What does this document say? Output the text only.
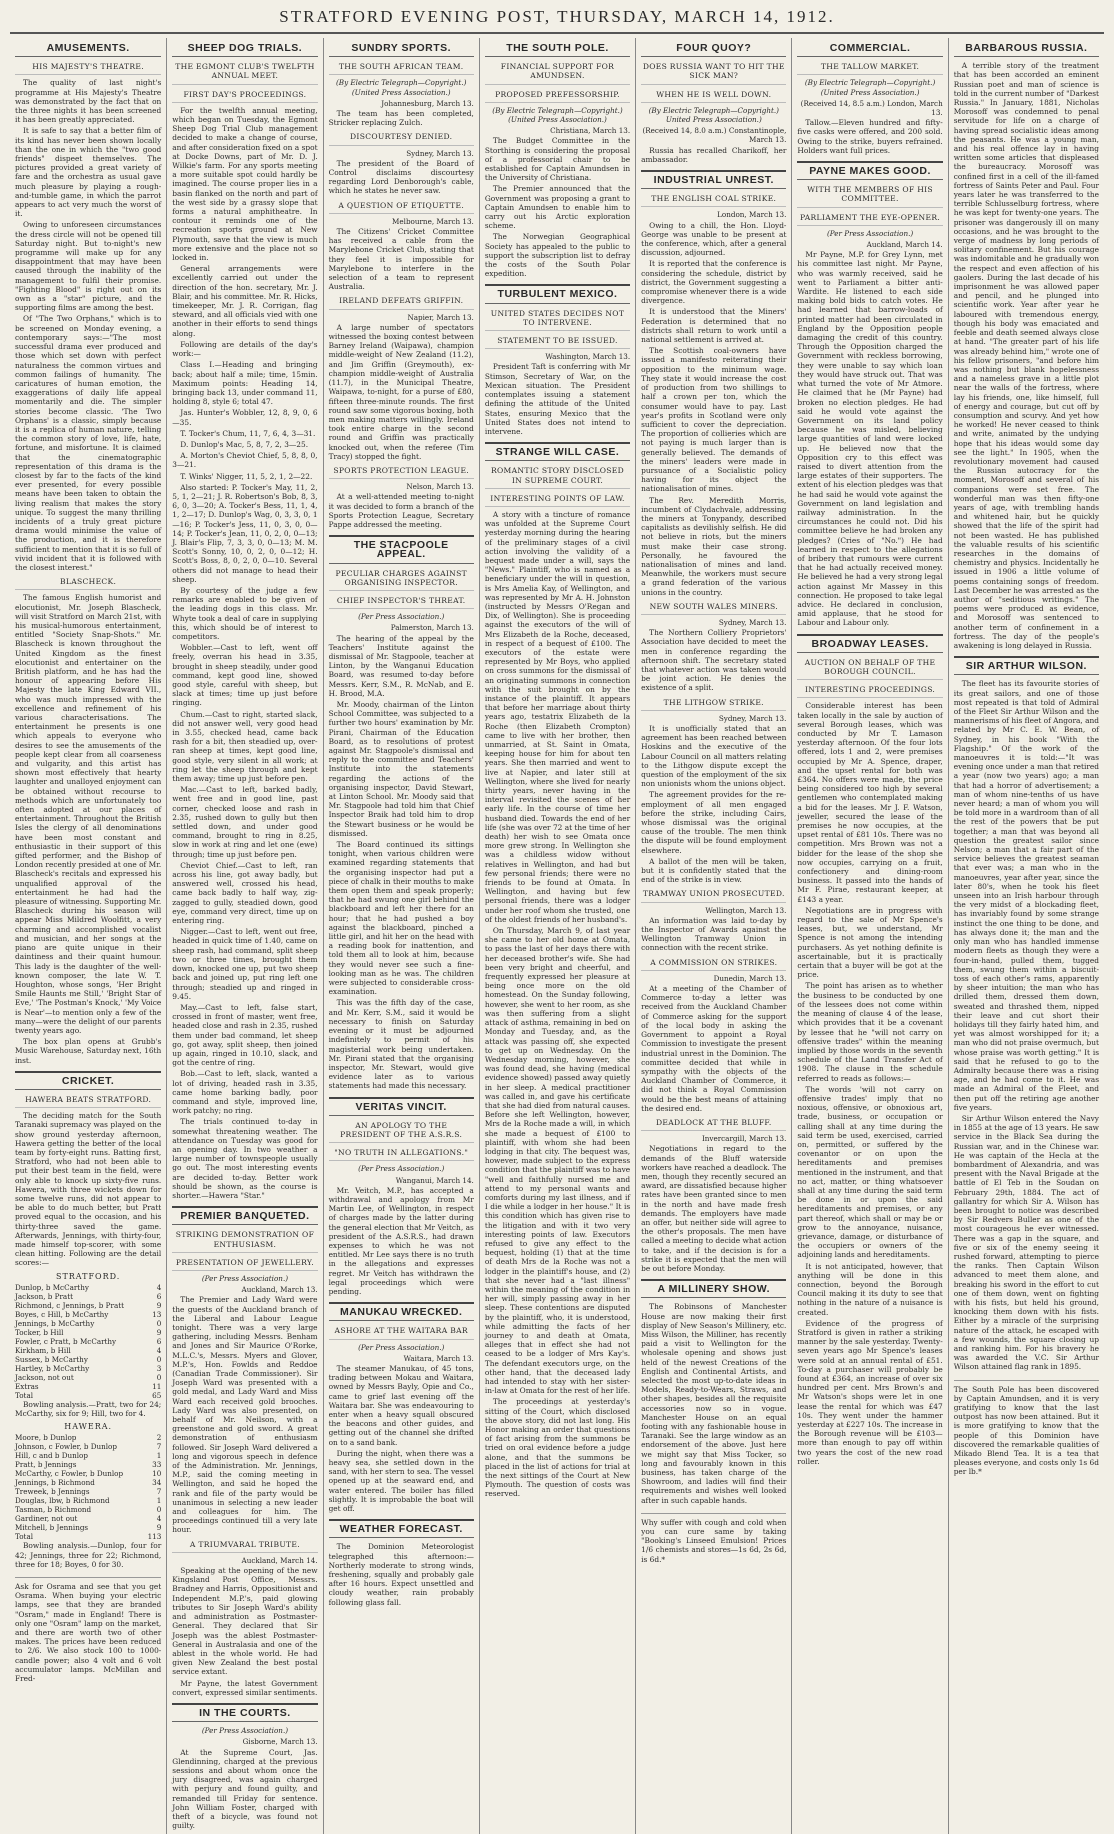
STRATFORD EVENING POST, THURSDAY, MARCH 14, 1912.
AMUSEMENTS.
HIS MAJESTY'S THEATRE.

The quality of last night's programme at His Majesty's Theatre was demonstrated by the fact that on the three nights it has been screened it has been greatly appreciated.

It is safe to say that a better film of its kind has never been shown locally than the one in which the "two good friends" dispeet themselves. The pictures provided a great variety of fare and the orchestra as usual gave much pleasure by playing a rough-and-tumble game, in which the parrot appears to act very much the worst of it.

Owing to unforeseen circumstances the dress circle will not be opened till Saturday night. But to-night's new programme will make up for any disappointment that may have been caused through the inability of the management to fulfil their promise. "Fighting Blood" is right out on its own as a "star" picture, and the supporting films are among the best.

Of "The Two Orphans," which is to be screened on Monday evening, a contemporary says:—"The most successful drama ever produced and those which set down with perfect naturalness the common virtues and common failings of humanity. The caricatures of human emotion, the exaggerations of daily life appeal momentarily and die. The simpler stories become classic. 'The Two Orphans' is a classic, simply because it is a replica of human nature, telling the common story of love, life, hate, fortune, and misfortune. It is claimed that the cinematographic representation of this drama is the closest by far to the facts of the kind ever presented, for every possible means have been taken to obtain the living realism that makes the story unique. To suggest the many thrilling incidents of a truly great picture drama would minimise the value of the production, and it is therefore sufficient to mention that it is so full of vivid incident that it is followed with the closest interest."

BLASCHECK.

The famous English humorist and elocutionist, Mr. Joseph Blascheck, will visit Stratford on March 21st, with his musical-humorous entertainment, entitled "Society Snap-Shots." Mr. Blascheck is known throughout the United Kingdom as the finest elocutionist and entertainer on the British platform, and he has had the honour of appearing before His Majesty the late King Edward VII., who was much impressed with the excellence and refinement of his various characterisations. The entertainment he presents is one which appeals to everyone who desires to see the amusements of the people kept clear from all coarseness and vulgarity, and this artist has shown most effectively that hearty laughter and unalloyed enjoyment can be obtained without recourse to methods which are unfortunately too often adopted at our places of entertainment. Throughout the British Isles the clergy of all denominations have been most constant and enthusiastic in their support of this gifted performer, and the Bishop of London recently presided at one of Mr. Blascheck's recitals and expressed his unqualified approval of the entertainment he had had the pleasure of witnessing. Supporting Mr. Blascheck during his season will appear Miss Mildred Woolfitt, a very charming and accomplished vocalist and musician, and her songs at the piano are quite unique in their daintiness and their quaint humour. This lady is the daughter of the well-known composer, the late W. T. Houghton, whose songs, 'Her Bright Smile Haunts me Still,' 'Bright Star of Eve,' 'The Postman's Knock,' 'My Voice is Near'—to mention only a few of the many—were the delight of our parents twenty years ago.

The box plan opens at Grubb's Music Warehouse, Saturday next, 16th inst.

CRICKET.
HAWERA BEATS STRATFORD.

The deciding match for the South Taranaki supremacy was played on the show ground yesterday afternoon, Hawera getting the better of the local team by forty-eight runs. Batting first, Stratford, who had not been able to put their best team in the field, were only able to knock up sixty-five runs. Hawera, with three wickets down for some twelve runs, did not appear to be able to do much better, but Pratt proved equal to the occasion, and his thirty-three saved the game. Afterwards, Jennings, with thirty-four, made himself top-scorer, with some clean hitting. Following are the detail scores:—

STRATFORD.
Dunlop, b McCarthy	4
Jackson, b Pratt	6
Richmond, c Jennings, b Pratt	9
Boyes, c Hill, b McCarthy	13
Jennings, b McCarthy	0
Tocker, b Hill	9
Fowler, c Pratt, b McCarthy	6
Kirkham, b Hill	4
Sussex, b McCarthy	0
Hartley, b McCarthy	3
Jackson, not out	0
Extras	11
Total	65

Bowling analysis.—Pratt, two for 24; McCarthy, six for 9; Hill, two for 4.

HAWERA.
Moore, b Dunlop	2
Johnson, c Fowler, b Dunlop	7
Hill, c and b Dunlop	1
Pratt, b Jennings	33
McCarthy, c Fowler, b Dunlop	10
Jennings, b Richmond	34
Treweek, b Jennings	7
Douglas, lbw, b Richmond	1
Tasman, b Richmond	0
Gardiner, not out	4
Mitchell, b Jennings	9
Total	113

Bowling analysis.—Dunlop, four for 42; Jennings, three for 22; Richmond, three for 18; Boyes, 0 for 30.

Ask for Osrama and see that you get Osrama. When buying your electric lamps, see that they are branded "Osram," made in England! There is only one "Osram" lamp on the market, and there are worth two of other makes. The prices have been reduced to 2/6. We also stock 100 to 1000-candle power; also 4 volt and 6 volt accumulator lamps. McMillan and Fred-
SHEEP DOG TRIALS.
THE EGMONT CLUB'S TWELFTH ANNUAL MEET.
FIRST DAY'S PROCEEDINGS.

For the twelfth annual meeting, which began on Tuesday, the Egmont Sheep Dog Trial Club management decided to make a change of course, and after consideration fixed on a spot at Docke Downs, part of Mr. D. J. Wilkie's farm. For any sports meeting a more suitable spot could hardly be imagined. The course proper lies in a basin flanked on the north and part of the west side by a grassy slope that forms a natural amphitheatre. In contour it reminds one of the recreation sports ground at New Plymouth, save that the view is much more extensive and the place not so locked in.

General arrangements were excellently carried out under the direction of the hon. secretary, Mr. J. Blair, and his committee. Mr. R. Hicks, timekeeper, Mr. J. R. Corrigan, flag steward, and all officials vied with one another in their efforts to send things along.

Following are details of the day's work:—

Class I.—Heading and bringing back; about half a mile; time, 15min. Maximum points: Heading 14, bringing back 13, under command 11, holding 8, style 6; total 47.

Jas. Hunter's Wobbler, 12, 8, 9, 0, 6—35.

T. Tocker's Chum, 11, 7, 6, 4, 3—31.

D. Dunlop's Mac, 5, 8, 7, 2, 3—25.

A. Morton's Cheviot Chief, 5, 8, 8, 0, 3—21.

T. Winks' Nigger, 11, 5, 2, 1, 2—22.

Also started: P. Tocker's May, 11, 2, 5, 1, 2—21; J. R. Robertson's Bob, 8, 3, 6, 0, 3—20; A. Tocker's Bess, 11, 1, 4, 1, 2—17; D. Dunlop's Wag, 0, 3, 3, 0, 1—16; P. Tocker's Jess, 11, 0, 3, 0, 0—14; P. Tocker's Jean, 11, 0, 2, 0, 0—13; J. Blair's Flip, 7, 3, 3, 0, 0—13; M. M. Scott's Sonny, 10, 0, 2, 0, 0—12; H. Scott's Boss, 8, 0, 2, 0, 0—10. Several others did not manage to head their sheep.

By courtesy of the judge a few remarks are enabled to be given of the leading dogs in this class. Mr. Whyte took a deal of care in supplying this, which should be of interest to competitors.

Wobbler.—Cast to left, went off freely, overran his head in 3.35, brought in sheep steadily, under good command, kept good line, showed good style, careful with sheep, but slack at times; time up just before ringing.

Chum.—Cast to right, started slack, did not answer well, very good head in 3.55, checked head, came back rash for a bit, then steadied up, over-ran sheep at times, kept good line, good style, very silent in all work; at ring let the sheep through and kept them away; time up just before pen.

Mac.—Cast to left, barked badly, went free and in good line, past corner, checked loose and rash in 2.35, rushed down to gully but then settled down, and under good command, brought to ring in 8.25, slow in work at ring and let one (ewe) through; time up just before pen.

Cheviot Chief.—Cast to left, ran across his line, got away badly, but answered well, crossed his head, came back badly to half way, zig-zagged to gully, steadied down, good eye, command very direct, time up on entering ring.

Nigger.—Cast to left, went out free, headed in quick time of 1.40, came on sheep rash, had command, split sheep two or three times, brought them down, knocked one up, put two sheep back and joined up, put ring left one through; steadied up and ringed in 9.45.

May.—Cast to left, false start, crossed in front of master, went free, headed close and rash in 2.35, rushed them under bad command, let sheep go, got away, split sheep, then joined up again, ringed in 10.10, slack, and got the centre of ring.

Bob.—Cast to left, slack, wanted a lot of driving, headed rash in 3.35, came home barking badly, poor command and style, improved line, work patchy; no ring.

The trials continued to-day in somewhat threatening weather. The attendance on Tuesday was good for an opening day. In two weather a large number of townspeople usually go out. The most interesting events are decided to-day. Better work should be shown, as the course is shorter.—Hawera "Star."

PREMIER BANQUETED.
STRIKING DEMONSTRATION OF ENTHUSIASM.
PRESENTATION OF JEWELLERY.
(Per Press Association.)
Auckland, March 13.

The Premier and Lady Ward were the guests of the Auckland branch of the Liberal and Labour League tonight. There was a very large gathering, including Messrs. Benham and Jones and Sir Maurice O'Rorke, M.L.C.'s, Messrs. Myers and Glover, M.P.'s, Hon. Fowlds and Reddoe (Canadian Trade Commissioner). Sir Joseph Ward was presented with a gold medal, and Lady Ward and Miss Ward each received gold brooches. Lady Ward was also presented, on behalf of Mr. Neilson, with a greenstone and gold sword. A great demonstration of enthusiasm followed. Sir Joseph Ward delivered a long and vigorous speech in defence of the Administration. Mr. Jennings, M.P., said the coming meeting in Wellington, and said he hoped the rank and file of the party would be unanimous in selecting a new leader and colleagues for him. The proceedings continued till a very late hour.

A TRIUMVARAL TRIBUTE.
Auckland, March 14.

Speaking at the opening of the new Kingsland Post Office, Messrs. Bradney and Harris, Oppositionist and Independent M.P.'s, paid glowing tributes to Sir Joseph Ward's ability and administration as Postmaster-General. They declared that Sir Joseph was the ablest Postmaster-General in Australasia and one of the ablest in the whole world. He had given New Zealand the best postal service extant.

Mr Payne, the latest Government convert, expressed similar sentiments.

IN THE COURTS.
(Per Press Association.)
Gisborne, March 13.

At the Supreme Court, Jas. Glendinning, charged at the previous sessions and about whom once the jury disagreed, was again charged with perjury and found guilty, and remanded till Friday for sentence. John William Foster, charged with theft of a bicycle, was found not guilty.

SUNDRY SPORTS.
THE SOUTH AFRICAN TEAM.
(By Electric Telegraph—Copyright.) (United Press Association.)
Johannesburg, March 13.

The team has been completed, Stricker replacing Zulch.

DISCOURTESY DENIED.
Sydney, March 13.

The president of the Board of Control disclaims discourtesy regarding Lord Denborough's cable, which he states he never saw.

A QUESTION OF ETIQUETTE.
Melbourne, March 13.

The Citizens' Cricket Committee has received a cable from the Marylebone Cricket Club, stating that they feel it is impossible for Marylebone to interfere in the selection of a team to represent Australia.

IRELAND DEFEATS GRIFFIN.
Napier, March 13.

A large number of spectators witnessed the boxing contest between Barney Ireland (Waipawa), champion middle-weight of New Zealand (11.2), and Jim Griffin (Greymouth), ex-champion middle-weight of Australia (11.7), in the Municipal Theatre, Waipawa, to-night, for a purse of £80, fifteen three-minute rounds. The first round saw some vigorous boxing, both men making matters willingly. Ireland took entire charge in the second round and Griffin was practically knocked out, when the referee (Tim Tracy) stopped the fight.

SPORTS PROTECTION LEAGUE.
Nelson, March 13.

At a well-attended meeting to-night it was decided to form a branch of the Sports Protection League, Secretary Pappe addressed the meeting.

THE STACPOOLE APPEAL.
PECULIAR CHARGES AGAINST ORGANISING INSPECTOR.
CHIEF INSPECTOR'S THREAT.
(Per Press Association.)
Palmerston, March 13.

The hearing of the appeal by the Teachers' Institute against the dismissal of Mr. Stagpoole, teacher at Linton, by the Wanganui Education Board, was resumed to-day before Messrs. Kerr, S.M., R. McNab, and E. H. Brood, M.A.

Mr. Moody, chairman of the Linton School Committee, was subjected to a further two hours' examination by Mr. Pirani, Chairman of the Education Board, as to resolutions of protest against Mr. Stagpoole's dismissal and reply to the committee and Teachers' Institute into the statements regarding the actions of the organising inspector, David Stewart, at Linton School. Mr. Moody said that Mr. Stagpoole had told him that Chief Inspector Braik had told him to drop the Stewart business or he would be dismissed.

The Board continued its sittings tonight, when various children were examined regarding statements that the organising inspector had put a piece of chalk in their mouths to make them open them and speak properly; that he had swung one girl behind the blackboard and left her there for an hour; that he had pushed a boy against the blackboard, pinched a little girl, and hit her on the head with a reading book for inattention, and told them all to look at him, because they would never see such a fine-looking man as he was. The children were subjected to considerable cross-examination.

This was the fifth day of the case, and Mr. Kerr, S.M., said it would be necessary to finish on Saturday evening or it must be adjourned indefinitely to permit of his magisterial work being undertaken. Mr. Pirani stated that the organising inspector, Mr. Stewart, would give evidence later as to various statements had made this necessary.

VERITAS VINCIT.
AN APOLOGY TO THE PRESIDENT OF THE A.S.R.S.
"NO TRUTH IN ALLEGATIONS."
(Per Press Association.)
Wanganui, March 14.

Mr. Veitch, M.P., has accepted a withdrawal and apology from Mr Martin Lee, of Wellington, in respect of charges made by the latter during the general election that Mr Veitch, as president of the A.S.R.S., had drawn expenses to which he was not entitled. Mr Lee says there is no truth in the allegations and expresses regret. Mr Veitch has withdrawn the legal proceedings which were pending.

MANUKAU WRECKED.
ASHORE AT THE WAITARA BAR
(Per Press Association.)
Waitara, March 13.

The steamer Manukau, of 45 tons, trading between Mokau and Waitara, owned by Messrs Bayly, Opie and Co., came to grief last evening off the Waitara bar. She was endeavouring to enter when a heavy squall obscured the beacons and other guides, and getting out of the channel she drifted on to a sand bank.

During the night, when there was a heavy sea, she settled down in the sand, with her stern to sea. The vessel opened up at the seaward end, and water entered. The boiler has filled slightly. It is improbable the boat will get off.

WEATHER FORECAST.

The Dominion Meteorologist telegraphed this afternoon:— Northerly moderate to strong winds, freshening, squally and probably gale after 16 hours. Expect unsettled and cloudy weather, rain probably following glass fall.

THE SOUTH POLE.
FINANCIAL SUPPORT FOR AMUNDSEN.
PROPOSED PREFESSORSHIP.
(By Electric Telegraph—Copyright.) (United Press Association.)
Christiana, March 13.

The Budget Committee in the Storthing is considering the proposal of a professorial chair to be established for Captain Amundsen in the University of Christiana.

The Premier announced that the Government was proposing a grant to Captain Amundsen to enable him to carry out his Arctic exploration scheme.

The Norwegian Geographical Society has appealed to the public to support the subscription list to defray the costs of the South Polar expedition.

TURBULENT MEXICO.
UNITED STATES DECIDES NOT TO INTERVENE.
STATEMENT TO BE ISSUED.
Washington, March 13.

President Taft is conferring with Mr Stimson, Secretary of War, on the Mexican situation. The President contemplates issuing a statement defining the attitude of the United States, ensuring Mexico that the United States does not intend to intervene.

STRANGE WILL CASE.
ROMANTIC STORY DISCLOSED IN SUPREME COURT.
INTERESTING POINTS OF LAW.

A story with a tincture of romance was unfolded at the Supreme Court yesterday morning during the hearing of the preliminary stages of a civil action involving the validity of a bequest made under a will, says the "News." Plaintiff, who is named as a beneficiary under the will in question, is Mrs Amelia Kay, of Wellington, and was represented by Mr A. H. Johnston (instructed by Messrs O'Regan and Dix, of Wellington). She is proceeding against the executors of the will of Mrs Elizabeth de la Roche, deceased, in respect of a bequest of £100. The executors of the estate were represented by Mr Boys, who applied on cross summons for the dismissal of an originating summons in connection with the suit brought on by the instance of the plaintiff. It appears that before her marriage about thirty years ago, testatrix Elizabeth de la Roche (then Elizabeth Crompton) came to live with her brother, then unmarried, at St. Saint in Omata, keeping house for him for about ten years. She then married and went to live at Napier, and later still at Wellington, where she lived for nearly thirty years, never having in the interval revisited the scenes of her early life. In the course of time her husband died. Towards the end of her life (she was over 72 at the time of her death) her wish to see Omata once more grew strong. In Wellington she was a childless widow without relatives in Wellington, and had but few personal friends; there were no friends to be found at Omata. In Wellington, and having but few personal friends, there was a lodger under her roof whom she trusted, one of the oldest friends of her husband's.

On Thursday, March 9, of last year she came to her old home at Omata, to pass the last of her days there with her deceased brother's wife. She had been very bright and cheerful, and frequently expressed her pleasure at being once more on the old homestead. On the Sunday following, however, she went to her room, as she was then suffering from a slight attack of asthma, remaining in bed on Monday and Tuesday, and, as the attack was passing off, she expected to get up on Wednesday. On the Wednesday morning, however, she was found dead, she having (medical evidence showed) passed away quietly in her sleep. A medical practitioner was called in, and gave his certificate that she had died from natural causes. Before she left Wellington, however, Mrs de la Roche made a will, in which she made a bequest of £100 to plaintiff, with whom she had been lodging in that city. The bequest was, however, made subject to the express condition that the plaintiff was to have "well and faithfully nursed me and attend to my personal wants and comforts during my last illness, and if I die while a lodger in her house." It is this condition which has given rise to the litigation and with it two very interesting points of law. Executors refused to give any effect to the bequest, holding (1) that at the time of death Mrs de la Roche was not a lodger in the plaintiff's house, and (2) that she never had a "last illness" within the meaning of the condition in her will, simply passing away in her sleep. These contentions are disputed by the plaintiff, who, it is understood, while admitting the facts of her journey to and death at Omata, alleges that in effect she had not ceased to be a lodger of Mrs Kay's. The defendant executors urge, on the other hand, that the deceased lady had intended to stay with her sister-in-law at Omata for the rest of her life.

The proceedings at yesterday's sitting of the Court, which disclosed the above story, did not last long. His Honor making an order that questions of fact arising from the summons be tried on oral evidence before a judge alone, and that the summons be placed in the list of actions for trial at the next sittings of the Court at New Plymouth. The question of costs was reserved.

FOUR QUOY?
DOES RUSSIA WANT TO HIT THE SICK MAN?
WHEN HE IS WELL DOWN.
(By Electric Telegraph—Copyright.) United Press Association.)
(Received 14, 8.0 a.m.) Constantinople, March 13.

Russia has recalled Charikoff, her ambassador.

INDUSTRIAL UNREST.
THE ENGLISH COAL STRIKE.
London, March 13.

Owing to a chill, the Hon. Lloyd-George was unable to be present at the conference, which, after a general discussion, adjourned.

It is reported that the conference is considering the schedule, district by district, the Government suggesting a compromise whenever there is a wide divergence.

It is understood that the Miners' Federation is determined that no districts shall return to work until a national settlement is arrived at.

The Scottish coal-owners have issued a manifesto reiterating their opposition to the minimum wage. They state it would increase the cost of production from two shillings to half a crown per ton, which the consumer would have to pay. Last year's profits in Scotland were only sufficient to cover the depreciation. The proportion of collieries which are not paying is much larger than is generally believed. The demands of the miners' leaders were made in pursuance of a Socialistic policy having for its object the nationalisation of mines.

The Rev. Meredith Morris, incumbent of Clydachvale, addressing the miners at Tonypandy, described capitalists as devilishly selfish. He did not believe in riots, but the miners must make their case strong. Personally, he favoured the nationalisation of mines and land. Meanwhile, the workers must secure a grand federation of the various unions in the country.

NEW SOUTH WALES MINERS.
Sydney, March 13.

The Northern Colliery Proprietors' Association have decided to meet the men in conference regarding the afternoon shift. The secretary stated that whatever action was taken would be joint action. He denies the existence of a split.

THE LITHGOW STRIKE.
Sydney, March 13.

It is unofficially stated that an agreement has been reached between Hoskins and the executive of the Labour Council on all matters relating to the Lithgow dispute except the question of the employment of the six non unionists whom the unions object.

The agreement provides for the re-employment of all men engaged before the strike, including Cairs, whose dismissal was the original cause of the trouble. The men think the dispute will be found employment elsewhere.

A ballot of the men will be taken, but it is confidently stated that the end of the strike is in view.

TRAMWAY UNION PROSECUTED.
Wellington, March 13.

An information was laid to-day by the Inspector of Awards against the Wellington Tramway Union in connection with the recent strike.

A COMMISSION ON STRIKES.
Dunedin, March 13.

At a meeting of the Chamber of Commerce to-day a letter was received from the Auckland Chamber of Commerce asking for the support of the local body in asking the Government to appoint a Royal Commission to investigate the present industrial unrest in the Dominion. The committee decided that while in sympathy with the objects of the Auckland Chamber of Commerce, it did not think a Royal Commission would be the best means of attaining the desired end.

DEADLOCK AT THE BLUFF.
Invercargill, March 13.

Negotiations in regard to the demands of the Bluff waterside workers have reached a deadlock. The men, though they recently secured an award, are dissatisfied because higher rates have been granted since to men in the north and have made fresh demands. The employers have made an offer, but neither side will agree to the other's proposals. The men have called a meeting to decide what action to take, and if the decision is for a strike it is expected that the men will be out before Monday.

A MILLINERY SHOW.

The Robinsons of Manchester House are now making their first display of New Season's Millinery, etc. Miss Wilson, the Milliner, has recently paid a visit to Wellington for the wholesale opening and shows just held of the newest Creations of the English and Continental Artists, and selected the most up-to-date ideas in Models, Ready-to-Wears, Straws, and other shapes, besides all the requisite accessories now so in vogue. Manchester House on an equal footing with any fashionable house in Taranaki. See the large window as an endorsement of the above. Just here we might say that Miss Tocker, so long and favourably known in this business, has taken charge of the Showroom, and ladies will find their requirements and wishes well looked after in such capable hands.

Why suffer with cough and cold when you can cure same by taking "Booking's Linseed Emulsion! Prices 1/6 chemists and stores—1s 6d, 2s 6d, is 6d.*
COMMERCIAL.
THE TALLOW MARKET.
(By Electric Telegraph—Copyright.) (United Press Association.)
(Received 14, 8.5 a.m.) London, March 13.

Tallow.—Eleven hundred and fifty-five casks were offered, and 200 sold. Owing to the strike, buyers refrained. Holders want full prices.

PAYNE MAKES GOOD.
WITH THE MEMBERS OF HIS COMMITTEE.
PARLIAMENT THE EYE-OPENER.
(Per Press Association.)
Auckland, March 14.

Mr Payne, M.P. for Grey Lynn, met his committee last night. Mr Payne, who was warmly received, said he went to Parliament a bitter anti-Wardite. He listened to each side making bold bids to catch votes. He had learned that barrow-loads of printed matter had been circulated in England by the Opposition people damaging the credit of this country. Through the Opposition charged the Government with reckless borrowing, they were unable to say which loan they would have struck out. That was what turned the vote of Mr Atmore. He claimed that he (Mr Payne) had broken no election pledges. He had said he would vote against the Government on its land policy because he was misled, believing large quantities of land were locked up. He believed now that the Opposition cry to this effect was raised to divert attention from the large estates of their supporters. The extent of his election pledges was that he had said he would vote against the Government on land legislation and railway administration. In the circumstances he could not. Did his committee believe he had broken any pledges? (Cries of "No.") He had learned in respect to the allegations of bribery that rumours were current that he had actually received money. He believed he had a very strong legal action against Mr Massey in this connection. He proposed to take legal advice. He declared in conclusion, amid applause, that he stood for Labour and Labour only.

BROADWAY LEASES.
AUCTION ON BEHALF OF THE BOROUGH COUNCIL.
INTERESTING PROCEEDINGS.

Considerable interest has been taken locally in the sale by auction of several Borough leases, which was conducted by Mr T. Lamason yesterday afternoon. Of the four lots offered, lots 1 and 2, were premises occupied by Mr A. Spence, draper, and the upset rental for both was £364. No offers were made, the price being considered too high by several gentlemen who contemplated making a bid for the leases. Mr J. F. Watson, jeweller, secured the lease of the premises he now occupies, at the upset rental of £81 10s. There was no competition. Mrs Brown was not a bidder for the lease of the shop she now occupies, carrying on a fruit, confectionery and dining-room business. It passed into the hands of Mr F. Pirae, restaurant keeper, at £143 a year.

Negotiations are in progress with regard to the sale of Mr Spence's leases, but, we understand, Mr Spence is not among the intending purchasers. As yet nothing definite is ascertainable, but it is practically certain that a buyer will be got at the price.

The point has arisen as to whether the business to be conducted by one of the lessees does not come within the meaning of clause 4 of the lease, which provides that it be a covenant by lessee that he "will not carry on offensive trades" within the meaning implied by those words in the seventh schedule of the Land Transfer Act of 1908. The clause in the schedule referred to reads as follows:—

The words 'will not carry on offensive trades' imply that no noxious, offensive, or obnoxious art, trade, business, or occupation or calling shall at any time during the said term be used, exercised, carried on, permitted, or suffered by the covenantor or on upon the hereditaments and premises mentioned in the instrument, and that no act, matter, or thing whatsoever shall at any time during the said term be done in or upon the said hereditaments and premises, or any part thereof, which shall or may be or grow to the annoyance, nuisance, grievance, damage, or disturbance of the occupiers or owners of the adjoining lands and hereditaments.

It is not anticipated, however, that anything will be done in this connection, beyond the Borough Council making it its duty to see that nothing in the nature of a nuisance is created.

Evidence of the progress of Stratford is given in rather a striking manner by the sale yesterday. Twenty-seven years ago Mr Spence's leases were sold at an annual rental of £51. To-day a purchaser will probably be found at £364, an increase of over six hundred per cent. Mrs Brown's and Mr Watson's shops were let in one lease the rental for which was £47 10s. They went under the hammer yesterday at £227 10s. The increase in the Borough revenue will be £103—more than enough to pay off within two years the cost of the new road roller.

BARBAROUS RUSSIA.

A terrible story of the treatment that has been accorded an eminent Russian poet and man of science is told in the current number of "Darkest Russia." In January, 1881, Nicholas Morosoff was condemned to penal servitude for life on a charge of having spread socialistic ideas among the peasants. He was a young man, and his real offence lay in having written some articles that displeased the bureaucracy. Morosoff was confined first in a cell of the ill-famed fortress of Saints Peter and Paul. Four years later he was transferred to the terrible Schlusselburg fortress, where he was kept for twenty-one years. The prisoner was dangerously ill on many occasions, and he was brought to the verge of madness by long periods of solitary confinement. But his courage was indomitable and he gradually won the respect and even affection of his gaolers. During the last decade of his imprisonment he was allowed paper and pencil, and he plunged into scientific work. Year after year he laboured with tremendous energy, though his body was emaciated and feeble and death seemed always close at hand. "The greater part of his life was already behind him," wrote one of his fellow prisoners, "and before him was nothing but blank hopelessness and a nameless grave in a little plot near the walls of the fortress, where lay his friends, one, like himself, full of energy and courage, but cut off by consumption and scurvy. And yet how he worked! He never ceased to think and write, animated by the undying hope that his ideas would some day see the light." In 1905, when the revolutionary movement had caused the Russian autocracy for the moment, Morosoff and several of his companions were set free. The wonderful man was then fifty-one years of age, with trembling hands and whitened hair, but he quickly showed that the life of the spirit had not been wasted. He has published the valuable results of his scientific researches in the domains of chemistry and physics. Incidentally he issued in 1906 a little volume of poems containing songs of freedom. Last December he was arrested as the author of "seditious writings." The poems were produced as evidence, and Morosoff was sentenced to another term of confinement in a fortress. The day of the people's awakening is long delayed in Russia.

SIR ARTHUR WILSON.

The fleet has its favourite stories of its great sailors, and one of those most repeated is that told of Admiral of the Fleet Sir Arthur Wilson and the mannerisms of his fleet of Angora, and related by Mr C. E. W. Bean, of Sydney, in his book "With the Flagship." Of the work of the manoeuvres it is told:—"It was evening once under a man that retired a year (now two years) ago; a man that had a horror of advertisement; a man of whom nine-tenths of us have never heard; a man of whom you will be told more in a wardroom than of all the rest of the powers that be put together; a man that was beyond all question the greatest sailor since Nelson; a man that a fair part of the service believes the greatest seaman that ever was; a man who in the manoeuvres, year after year, since the later 80's, when he took his fleet unseen into an Irish harbour through the very midst of a blockading fleet, has invariably found by some strange instinct the one thing to be done, and has always done it; the man and the only man who has handled immense modern fleets as though they were a four-in-hand, pulled them, tugged them, swung them within a biscuit-toss of each other's rams, apparently by sheer intuition; the man who has drilled them, dressed them down, sweated and thrashed them, nipped their leave and cut short their holidays till they fairly hated him, and yet was almost worshipped for it; a man who did not praise overmuch, but whose praise was worth getting." It is said that he refused to go to the Admiralty because there was a rising age, and he had come to it. He was made an Admiral of the Fleet, and then put off the retiring age another five years.

Sir Arthur Wilson entered the Navy in 1855 at the age of 13 years. He saw service in the Black Sea during the Russian war, and in the Chinese war. He was captain of the Hecla at the bombardment of Alexandria, and was present with the Naval Brigade at the battle of El Teb in the Soudan on February 29th, 1884. The act of gallantry for which Sir A. Wilson has been brought to notice was described by Sir Redvers Buller as one of the most courageous he ever witnessed. There was a gap in the square, and five or six of the enemy seeing it rushed forward, attempting to pierce the ranks. Then Captain Wilson advanced to meet them alone, and breaking his sword in the effort to cut one of them down, went on fighting with his fists, but held his ground, knocking them down with his fists. Either by a miracle of the surprising nature of the attack, he escaped with a few wounds, the square closing up and ranking him. For his bravery he was awarded the V.C. Sir Arthur Wilson attained flag rank in 1895.

The South Pole has been discovered by Captain Amundsen, and it is very gratifying to know that the last outpost has now been attained. But it is more gratifying to know that the people of this Dominion have discovered the remarkable qualities of Mikado Blend Tea. It is a tea that pleases everyone, and costs only 1s 6d per lb.*
